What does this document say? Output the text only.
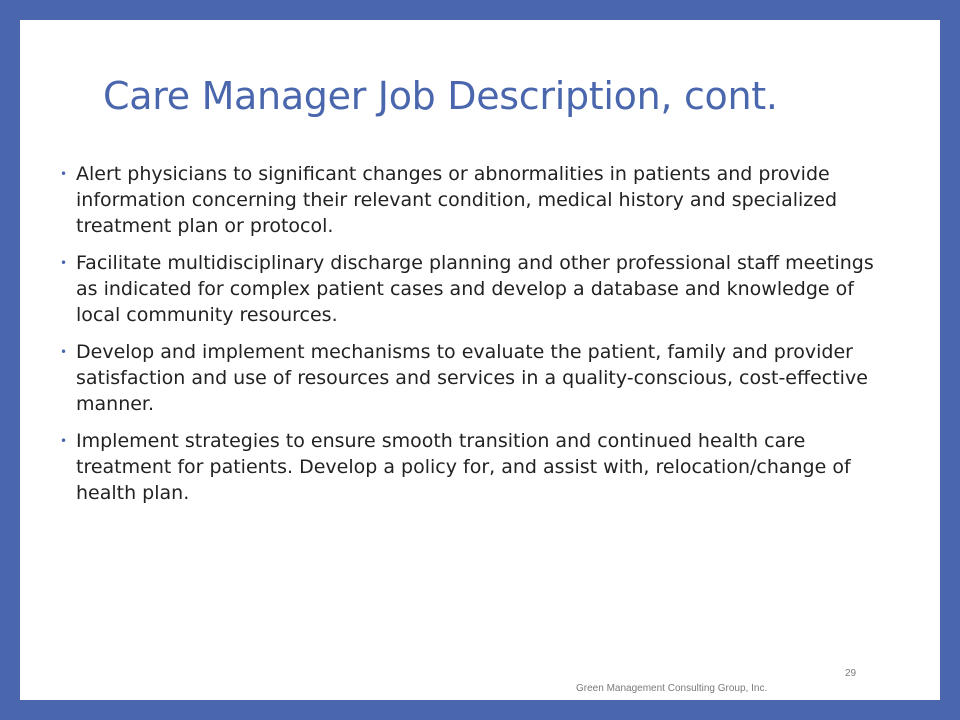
Care Manager Job Description, cont.
• Alert physicians to significant changes or abnormalities in patients and provide information concerning their relevant condition, medical history and specialized treatment plan or protocol.
• Facilitate multidisciplinary discharge planning and other professional staff meetings as indicated for complex patient cases and develop a database and knowledge of local community resources.
• Develop and implement mechanisms to evaluate the patient, family and provider satisfaction and use of resources and services in a quality-conscious, cost-effective manner.
• Implement strategies to ensure smooth transition and continued health care treatment for patients. Develop a policy for, and assist with, relocation/change of health plan.
29
Green Management Consulting Group, Inc.
